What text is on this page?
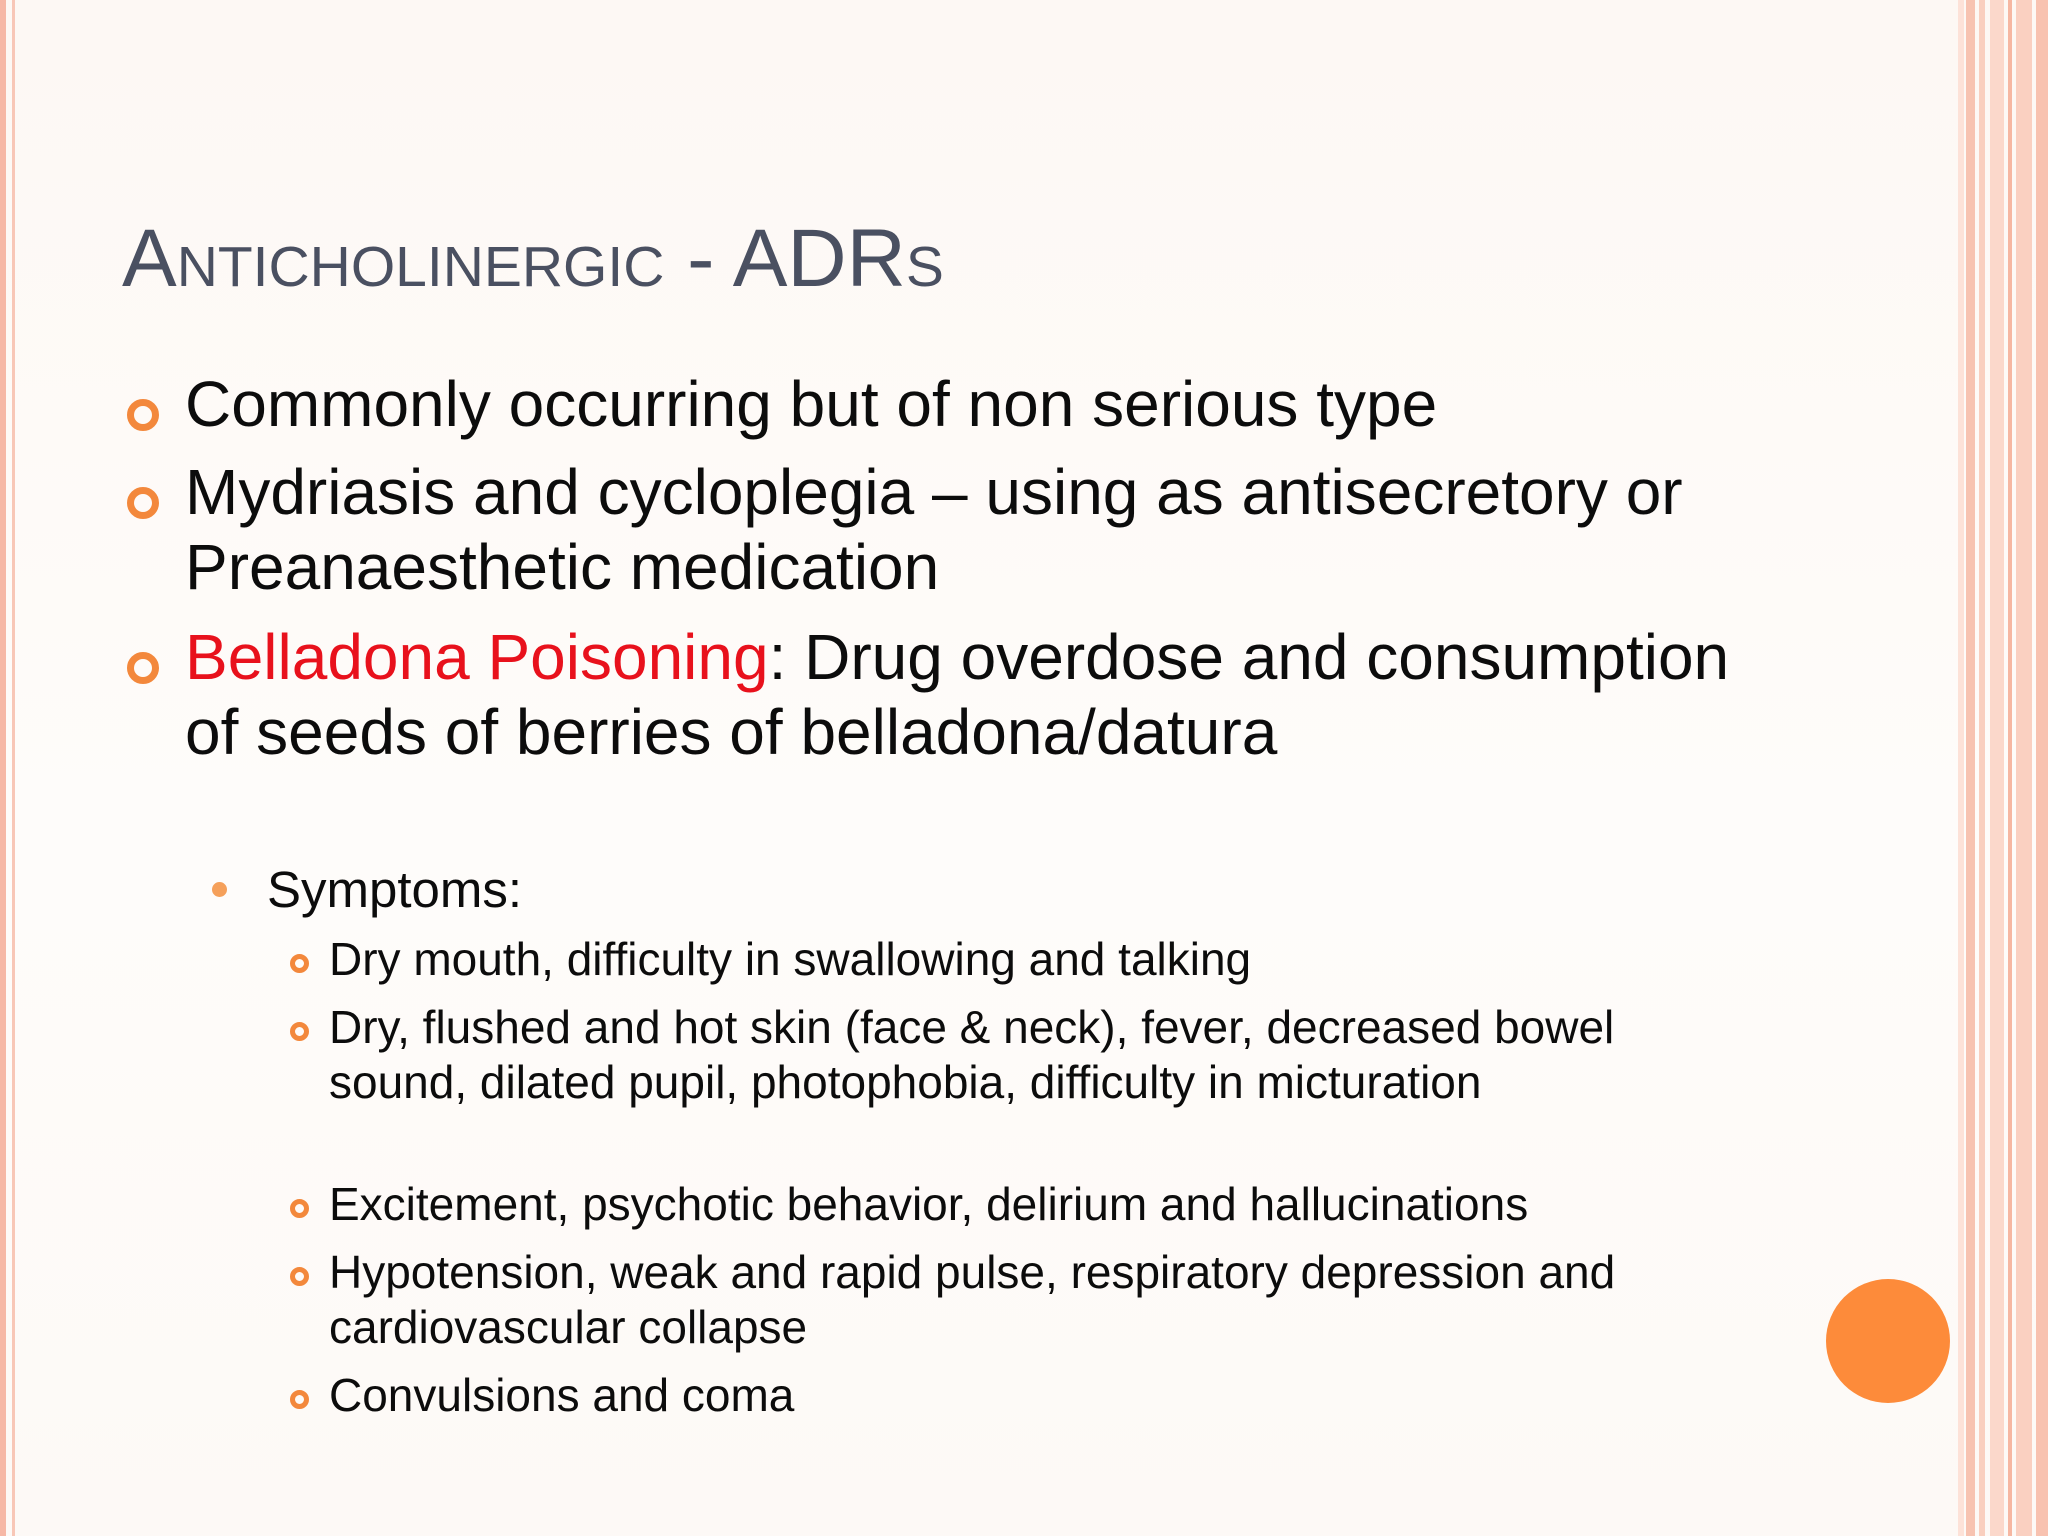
Anticholinergic - ADRs
Commonly occurring but of non serious type
Mydriasis and cycloplegia – using as antisecretory or Preanaesthetic medication
Belladona Poisoning: Drug overdose and consumption of seeds of berries of belladona/datura
Symptoms:
Dry mouth, difficulty in swallowing and talking
Dry, flushed and hot skin (face & neck), fever, decreased bowel sound, dilated pupil, photophobia, difficulty in micturation
Excitement, psychotic behavior, delirium and hallucinations
Hypotension, weak and rapid pulse, respiratory depression and cardiovascular collapse
Convulsions and coma
